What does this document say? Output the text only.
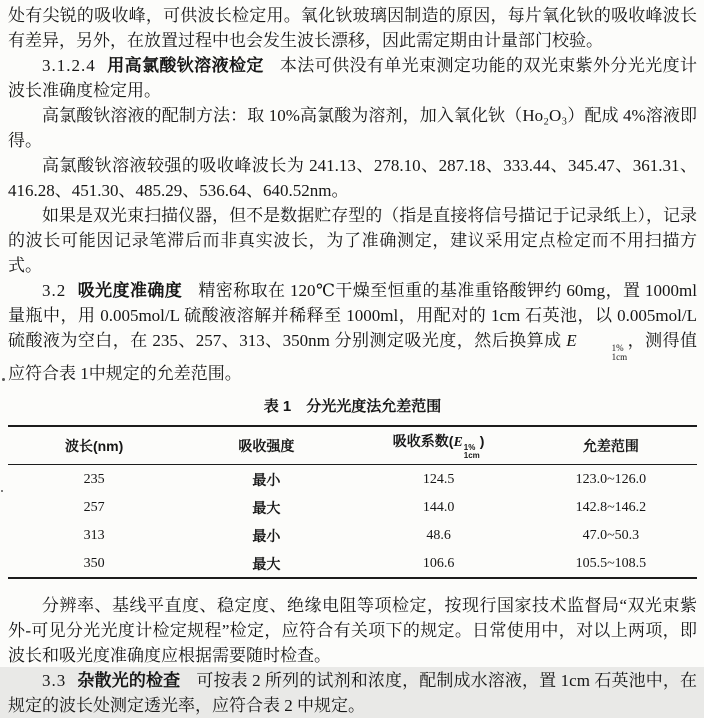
处有尖锐的吸收峰，可供波长检定用。氧化钬玻璃因制造的原因，每片氧化钬的吸收峰波长有差异，另外，在放置过程中也会发生波长漂移，因此需定期由计量部门校验。

3.1.2.4 用高氯酸钬溶液检定 本法可供没有单光束测定功能的双光束紫外分光光度计波长准确度检定用。

高氯酸钬溶液的配制方法：取 10%高氯酸为溶剂，加入氧化钬（Ho₂O₃）配成 4%溶液即得。

高氯酸钬溶液较强的吸收峰波长为 241.13、278.10、287.18、333.44、345.47、361.31、416.28、451.30、485.29、536.64、640.52nm。

如果是双光束扫描仪器，但不是数据贮存型的（指是直接将信号描记于记录纸上），记录的波长可能因记录笔滞后而非真实波长，为了准确测定，建议采用定点检定而不用扫描方式。

3.2 吸光度准确度 精密称取在 120℃干燥至恒重的基准重铬酸钾约 60mg，置 1000ml量瓶中，用 0.005mol/L 硫酸液溶解并稀释至 1000ml，用配对的 1cm 石英池，以 0.005mol/L硫酸液为空白，在 235、257、313、350nm 分别测定吸光度，然后换算成 E	1%
1cm
，测得值应符合表 1中规定的允差范围。

表 1 分光光度法允差范围

波长(nm)	吸收强度	吸收系数(E 1%
1cm
)	允差范围
235	最小	124.5	123.0~126.0
257	最大	144.0	142.8~146.2
313	最小	48.6	47.0~50.3
350	最大	106.6	105.5~108.5

分辨率、基线平直度、稳定度、绝缘电阻等项检定，按现行国家技术监督局“双光束紫外-可见分光光度计检定规程”检定，应符合有关项下的规定。日常使用中，对以上两项，即波长和吸光度准确度应根据需要随时检查。

3.3 杂散光的检查 可按表 2 所列的试剂和浓度，配制成水溶液，置 1cm 石英池中，在规定的波长处测定透光率，应符合表 2 中规定。
